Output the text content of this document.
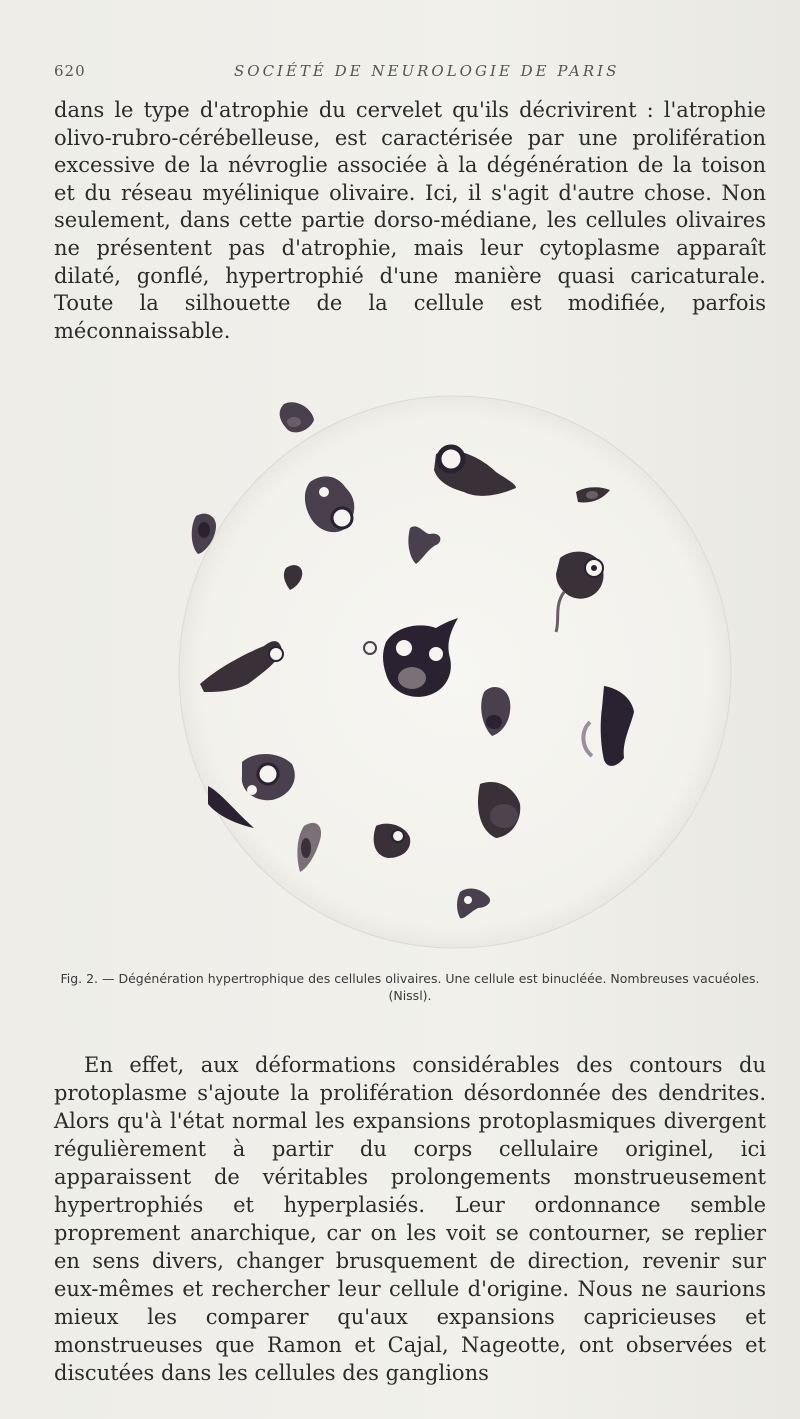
620	SOCIÉTÉ DE NEUROLOGIE DE PARIS

dans le type d'atrophie du cervelet qu'ils décrivirent : l'atrophie olivo-rubro-cérébelleuse, est caractérisée par une prolifération excessive de la névroglie associée à la dégénération de la toison et du réseau myélinique olivaire. Ici, il s'agit d'autre chose. Non seulement, dans cette partie dorso-médiane, les cellules olivaires ne présentent pas d'atrophie, mais leur cytoplasme apparaît dilaté, gonflé, hypertrophié d'une manière quasi caricaturale. Toute la silhouette de la cellule est modifiée, parfois méconnaissable.

Fig. 2. — Dégénération hypertrophique des cellules olivaires. Une cellule est binucléée. Nombreuses vacuéoles. (Nissl).

En effet, aux déformations considérables des contours du protoplasme s'ajoute la prolifération désordonnée des dendrites. Alors qu'à l'état normal les expansions protoplasmiques divergent régulièrement à partir du corps cellulaire originel, ici apparaissent de véritables prolongements monstrueusement hypertrophiés et hyperplasiés. Leur ordonnance semble proprement anarchique, car on les voit se contourner, se replier en sens divers, changer brusquement de direction, revenir sur eux-mêmes et rechercher leur cellule d'origine. Nous ne saurions mieux les comparer qu'aux expansions capricieuses et monstrueuses que Ramon et Cajal, Nageotte, ont observées et discutées dans les cellules des ganglions
